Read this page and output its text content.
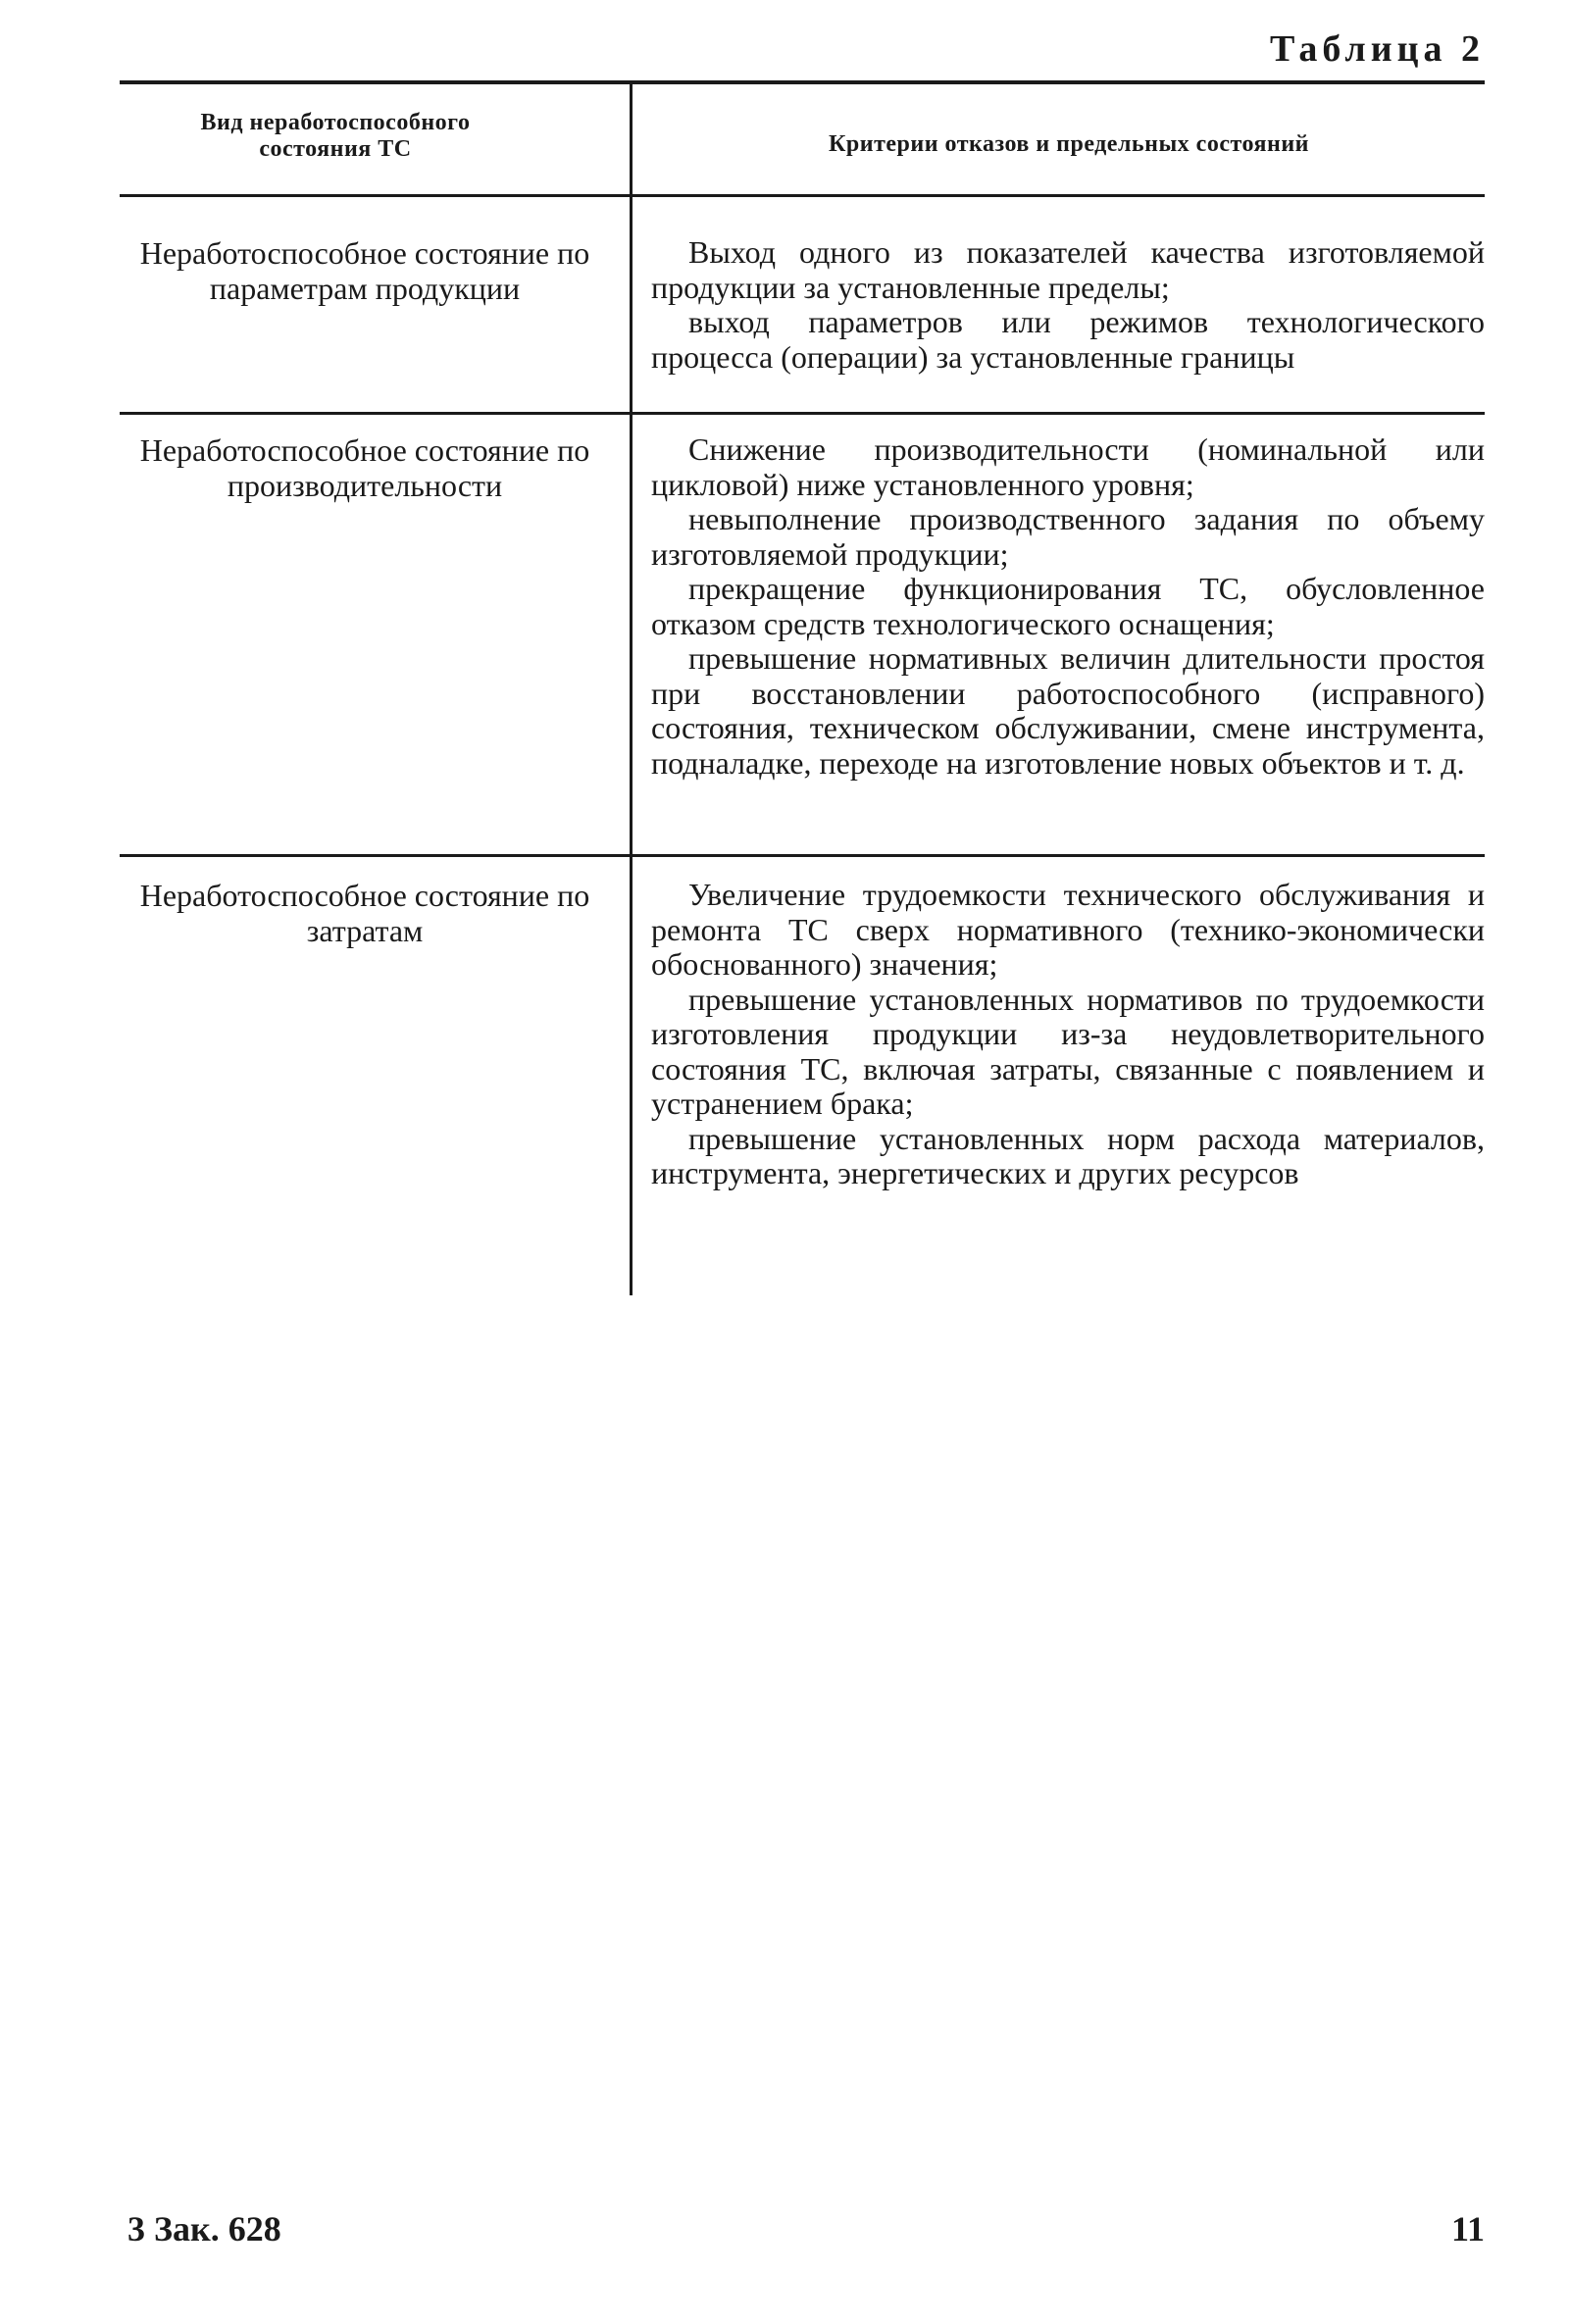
Таблица 2
Вид неработоспособного состояния ТС	Критерии отказов и предельных состояний
Неработоспособное состояние по параметрам продукции

Выход одного из показателей качества изготовляемой продукции за установленные пределы;

выход параметров или режимов технологического процесса (операции) за установленные границы

Неработоспособное состояние по производительности

Снижение производительности (номинальной или цикловой) ниже установленного уровня;

невыполнение производственного задания по объему изготовляемой продукции;

прекращение функционирования ТС, обусловленное отказом средств технологического оснащения;

превышение нормативных величин длительности простоя при восстановлении работоспособного (исправного) состояния, техническом обслуживании, смене инструмента, подналадке, переходе на изготовление новых объектов и т. д.

Неработоспособное состояние по затратам

Увеличение трудоемкости технического обслуживания и ремонта ТС сверх нормативного (технико-экономически обоснованного) значения;

превышение установленных нормативов по трудоемкости изготовления продукции из-за неудовлетворительного состояния ТС, включая затраты, связанные с появлением и устранением брака;

превышение установленных норм расхода материалов, инструмента, энергетических и других ресурсов

3 Зак. 628	11
